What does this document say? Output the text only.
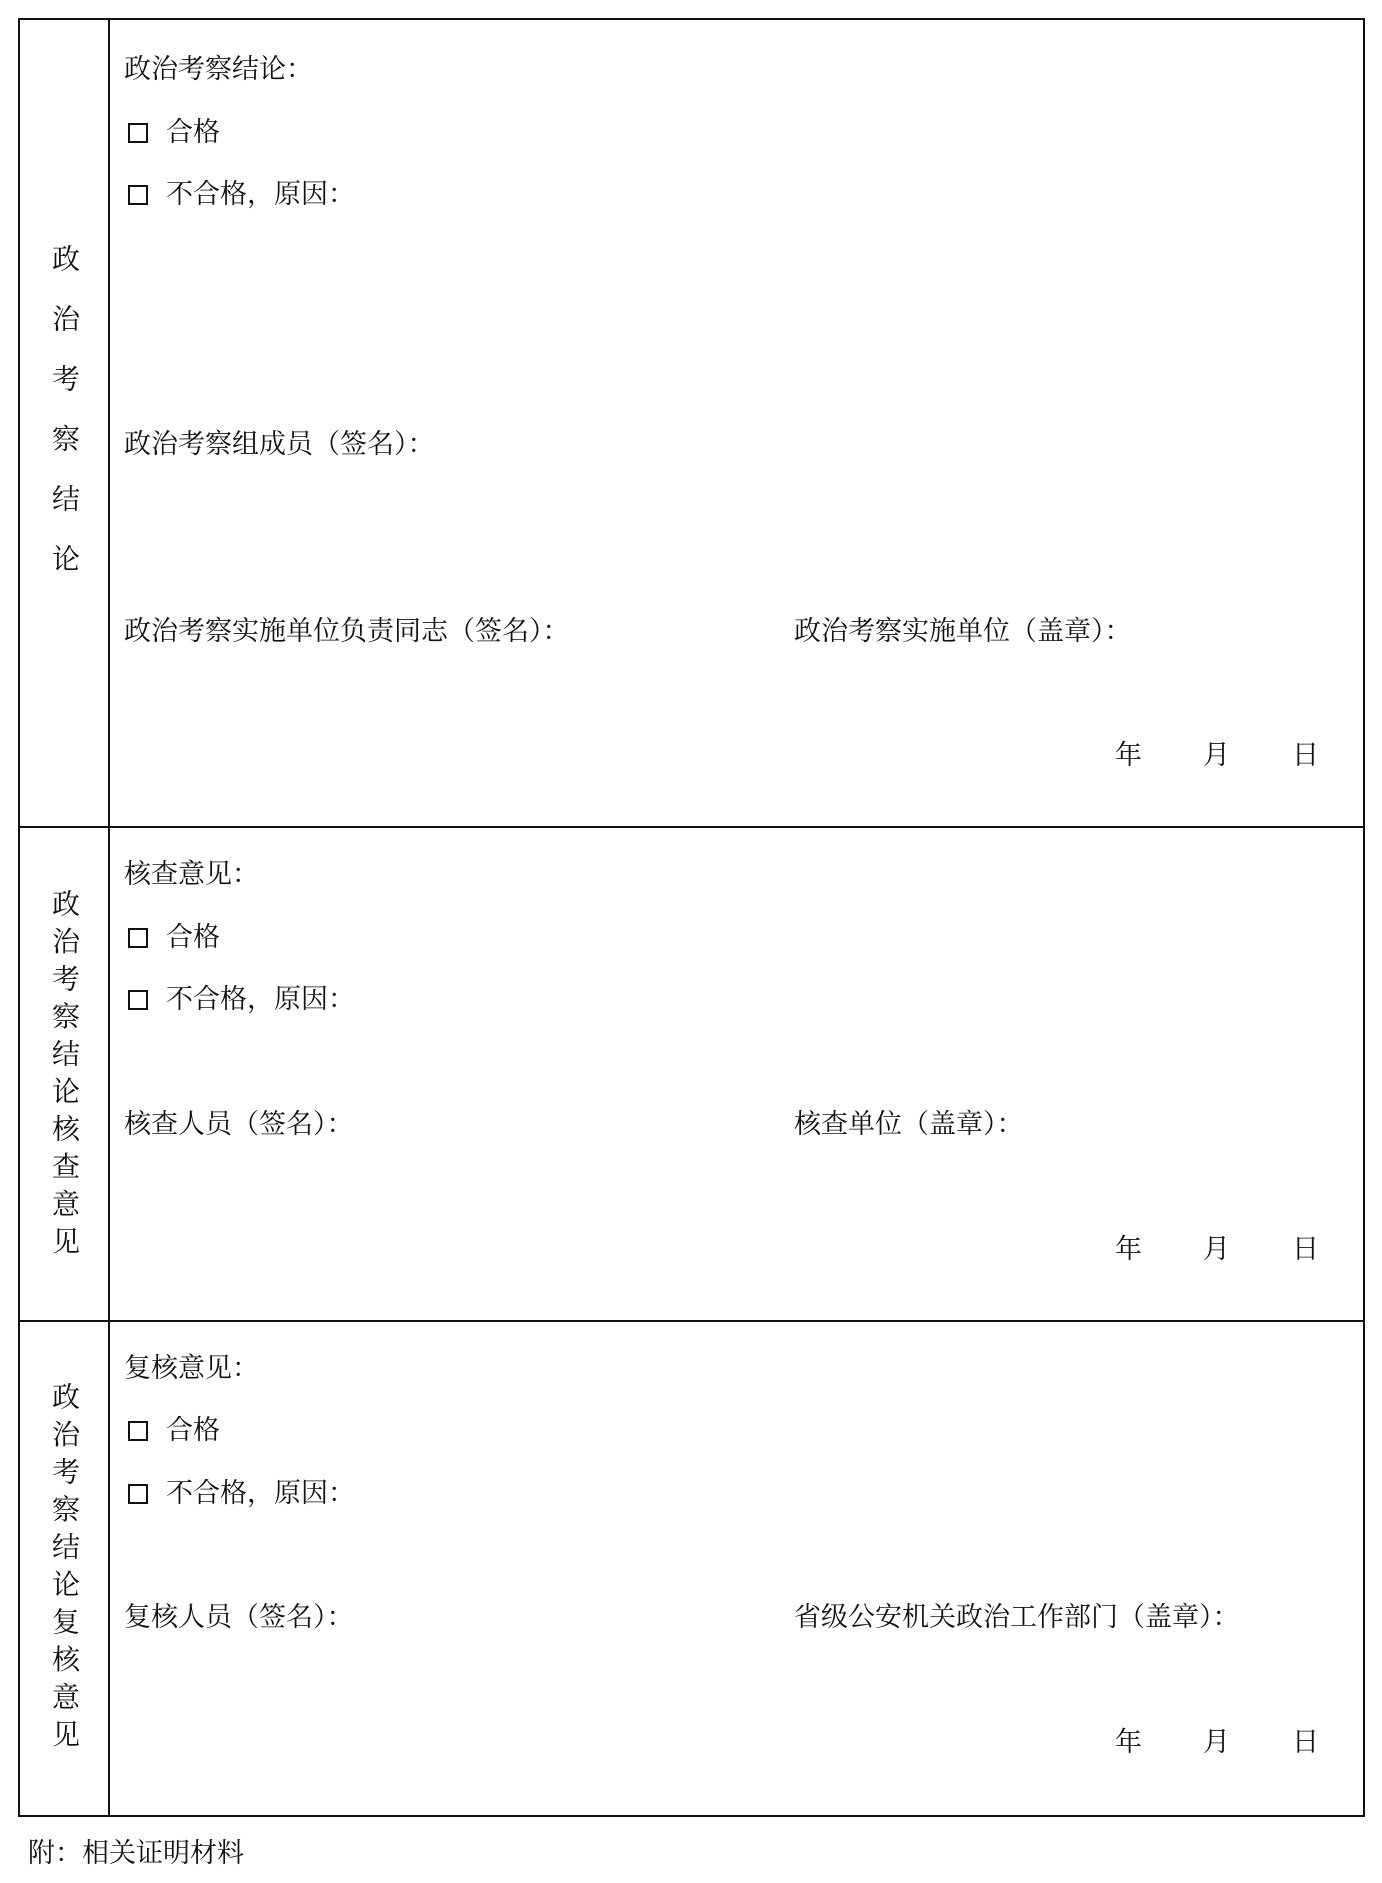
政治考察结论
政治考察结论：
合格
不合格，原因：
政治考察组成员（签名）：
政治考察实施单位负责同志（签名）：	政治考察实施单位（盖章）：
年 月 日
政治考察结论核查意见
核查意见：
合格
不合格，原因：
核查人员（签名）：	核查单位（盖章）：
年 月 日
政治考察结论复核意见
复核意见：
合格
不合格，原因：
复核人员（签名）：	省级公安机关政治工作部门（盖章）：
年 月 日
附：相关证明材料
